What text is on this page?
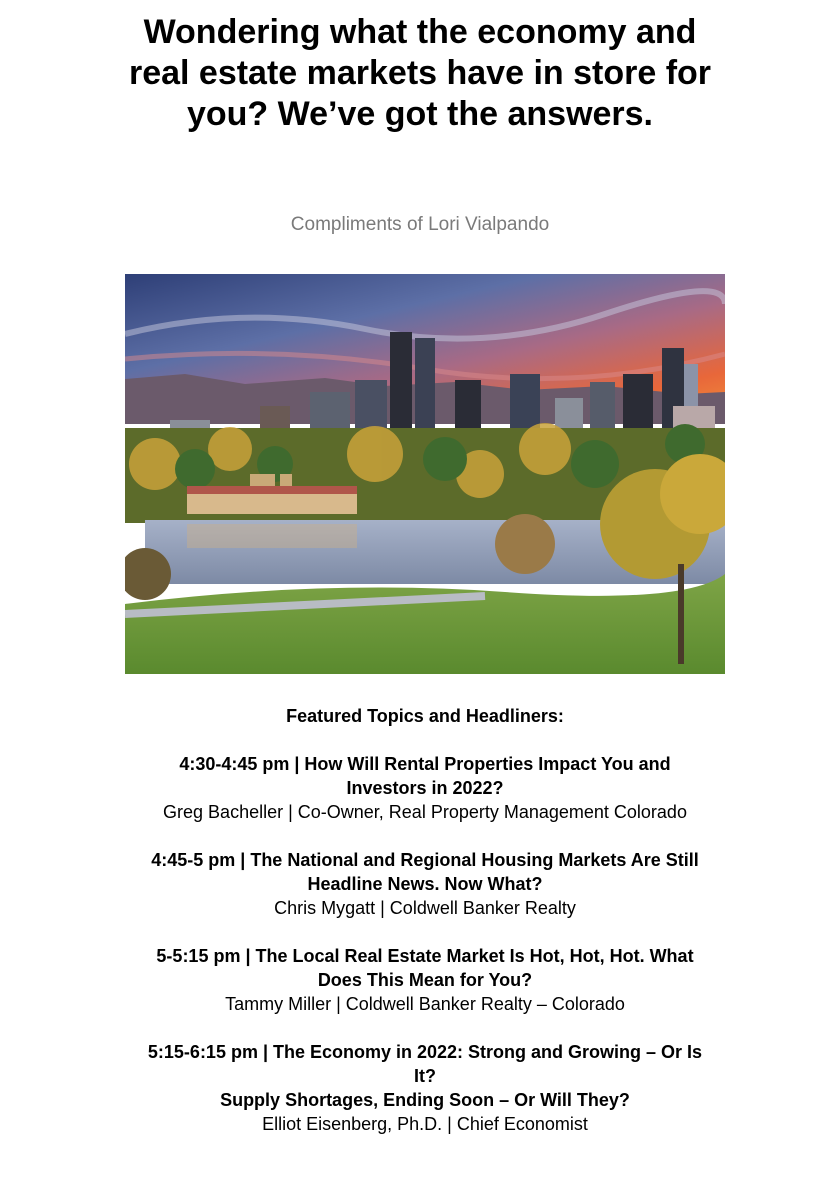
Wondering what the economy and real estate markets have in store for you? We’ve got the answers.

Compliments of Lori Vialpando

Featured Topics and Headliners:

4:30-4:45 pm | How Will Rental Properties Impact You and Investors in 2022?
Greg Bacheller | Co-Owner, Real Property Management Colorado
4:45-5 pm | The National and Regional Housing Markets Are Still Headline News. Now What?
Chris Mygatt | Coldwell Banker Realty
5-5:15 pm | The Local Real Estate Market Is Hot, Hot, Hot. What Does This Mean for You?
Tammy Miller | Coldwell Banker Realty – Colorado
5:15-6:15 pm | The Economy in 2022: Strong and Growing – Or Is It?
Supply Shortages, Ending Soon – Or Will They?
Elliot Eisenberg, Ph.D. | Chief Economist
